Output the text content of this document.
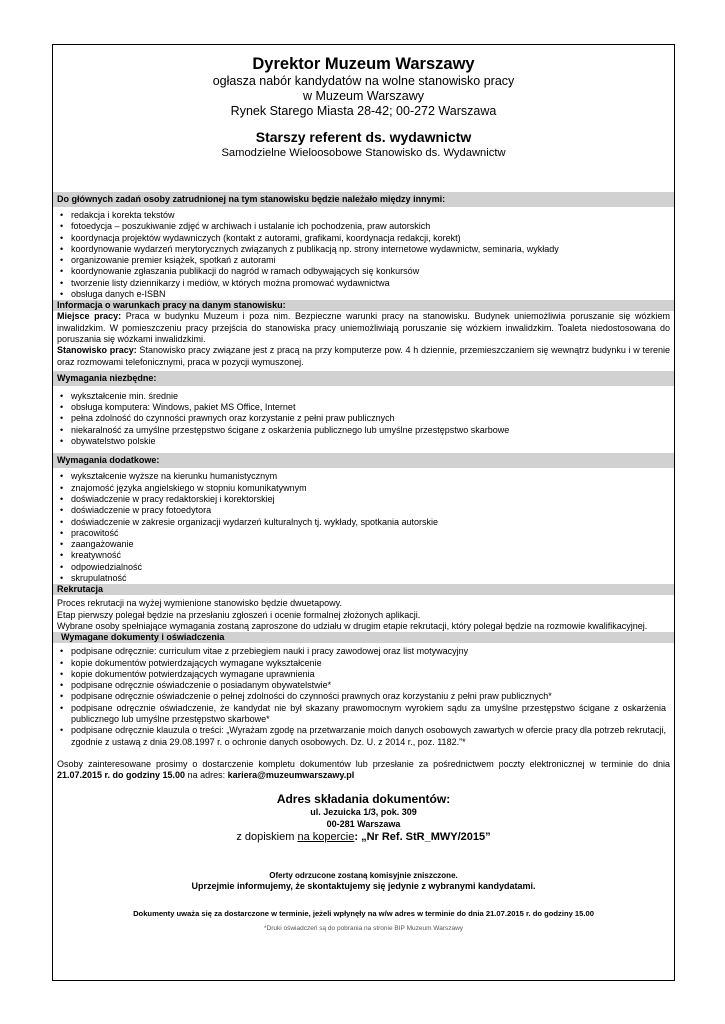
Dyrektor Muzeum Warszawy
ogłasza nabór kandydatów na wolne stanowisko pracy
w Muzeum Warszawy
Rynek Starego Miasta 28-42; 00-272 Warszawa
Starszy referent ds. wydawnictw
Samodzielne Wieloosobowe Stanowisko ds. Wydawnictw
Do głównych zadań osoby zatrudnionej na tym stanowisku będzie należało między innymi:
• redakcja i korekta tekstów
• fotoedycja – poszukiwanie zdjęć w archiwach i ustalanie ich pochodzenia, praw autorskich
• koordynacja projektów wydawniczych (kontakt z autorami, grafikami, koordynacja redakcji, korekt)
• koordynowanie wydarzeń merytorycznych związanych z publikacją np. strony internetowe wydawnictw, seminaria, wykłady
• organizowanie premier książek, spotkań z autorami
• koordynowanie zgłaszania publikacji do nagród w ramach odbywających się konkursów
• tworzenie listy dziennikarzy i mediów, w których można promować wydawnictwa
• obsługa danych e-ISBN
Informacja o warunkach pracy na danym stanowisku:
Miejsce pracy: Praca w budynku Muzeum i poza nim. Bezpieczne warunki pracy na stanowisku. Budynek uniemożliwia poruszanie się wózkiem inwalidzkim. W pomieszczeniu pracy przejścia do stanowiska pracy uniemożliwiają poruszanie się wózkiem inwalidzkim. Toaleta niedostosowana do poruszania się wózkami inwalidzkimi.
Stanowisko pracy: Stanowisko pracy związane jest z pracą na przy komputerze pow. 4 h dziennie, przemieszczaniem się wewnątrz budynku i w terenie oraz rozmowami telefonicznymi, praca w pozycji wymuszonej.
Wymagania niezbędne:
• wykształcenie min. średnie
• obsługa komputera: Windows, pakiet MS Office, Internet
• pełna zdolność do czynności prawnych oraz korzystanie z pełni praw publicznych
• niekaralność za umyślne przestępstwo ścigane z oskarżenia publicznego lub umyślne przestępstwo skarbowe
• obywatelstwo polskie
Wymagania dodatkowe:
• wykształcenie wyższe na kierunku humanistycznym
• znajomość języka angielskiego w stopniu komunikatywnym
• doświadczenie w pracy redaktorskiej i korektorskiej
• doświadczenie w pracy fotoedytora
• doświadczenie w zakresie organizacji wydarzeń kulturalnych tj. wykłady, spotkania autorskie
• pracowitość
• zaangażowanie
• kreatywność
• odpowiedzialność
• skrupulatność
Rekrutacja
Proces rekrutacji na wyżej wymienione stanowisko będzie dwuetapowy.
Etap pierwszy polegał będzie na przesłaniu zgłoszeń i ocenie formalnej złożonych aplikacji.
Wybrane osoby spełniające wymagania zostaną zaproszone do udziału w drugim etapie rekrutacji, który polegał będzie na rozmowie kwalifikacyjnej.
Wymagane dokumenty i oświadczenia
• podpisane odręcznie: curriculum vitae z przebiegiem nauki i pracy zawodowej oraz list motywacyjny
• kopie dokumentów potwierdzających wymagane wykształcenie
• kopie dokumentów potwierdzających wymagane uprawnienia
• podpisane odręcznie oświadczenie o posiadanym obywatelstwie*
• podpisane odręcznie oświadczenie o pełnej zdolności do czynności prawnych oraz korzystaniu z pełni praw publicznych*
• podpisane odręcznie oświadczenie, że kandydat nie był skazany prawomocnym wyrokiem sądu za umyślne przestępstwo ścigane z oskarżenia publicznego lub umyślne przestępstwo skarbowe*
• podpisane odręcznie klauzula o treści: „Wyrażam zgodę na przetwarzanie moich danych osobowych zawartych w ofercie pracy dla potrzeb rekrutacji, zgodnie z ustawą z dnia 29.08.1997 r. o ochronie danych osobowych. Dz. U. z 2014 r., poz. 1182.”*
Osoby zainteresowane prosimy o dostarczenie kompletu dokumentów lub przesłanie za pośrednictwem poczty elektronicznej w terminie do dnia 21.07.2015 r. do godziny 15.00 na adres: kariera@muzeumwarszawy.pl
Adres składania dokumentów:
ul. Jezuicka 1/3, pok. 309
00-281 Warszawa
z dopiskiem na kopercie: „Nr Ref. StR_MWY/2015”
Oferty odrzucone zostaną komisyjnie zniszczone.
Uprzejmie informujemy, że skontaktujemy się jedynie z wybranymi kandydatami.
Dokumenty uważa się za dostarczone w terminie, jeżeli wpłynęły na w/w adres w terminie do dnia 21.07.2015 r. do godziny 15.00
*Druki oświadczeń są do pobrania na stronie BIP Muzeum Warszawy
